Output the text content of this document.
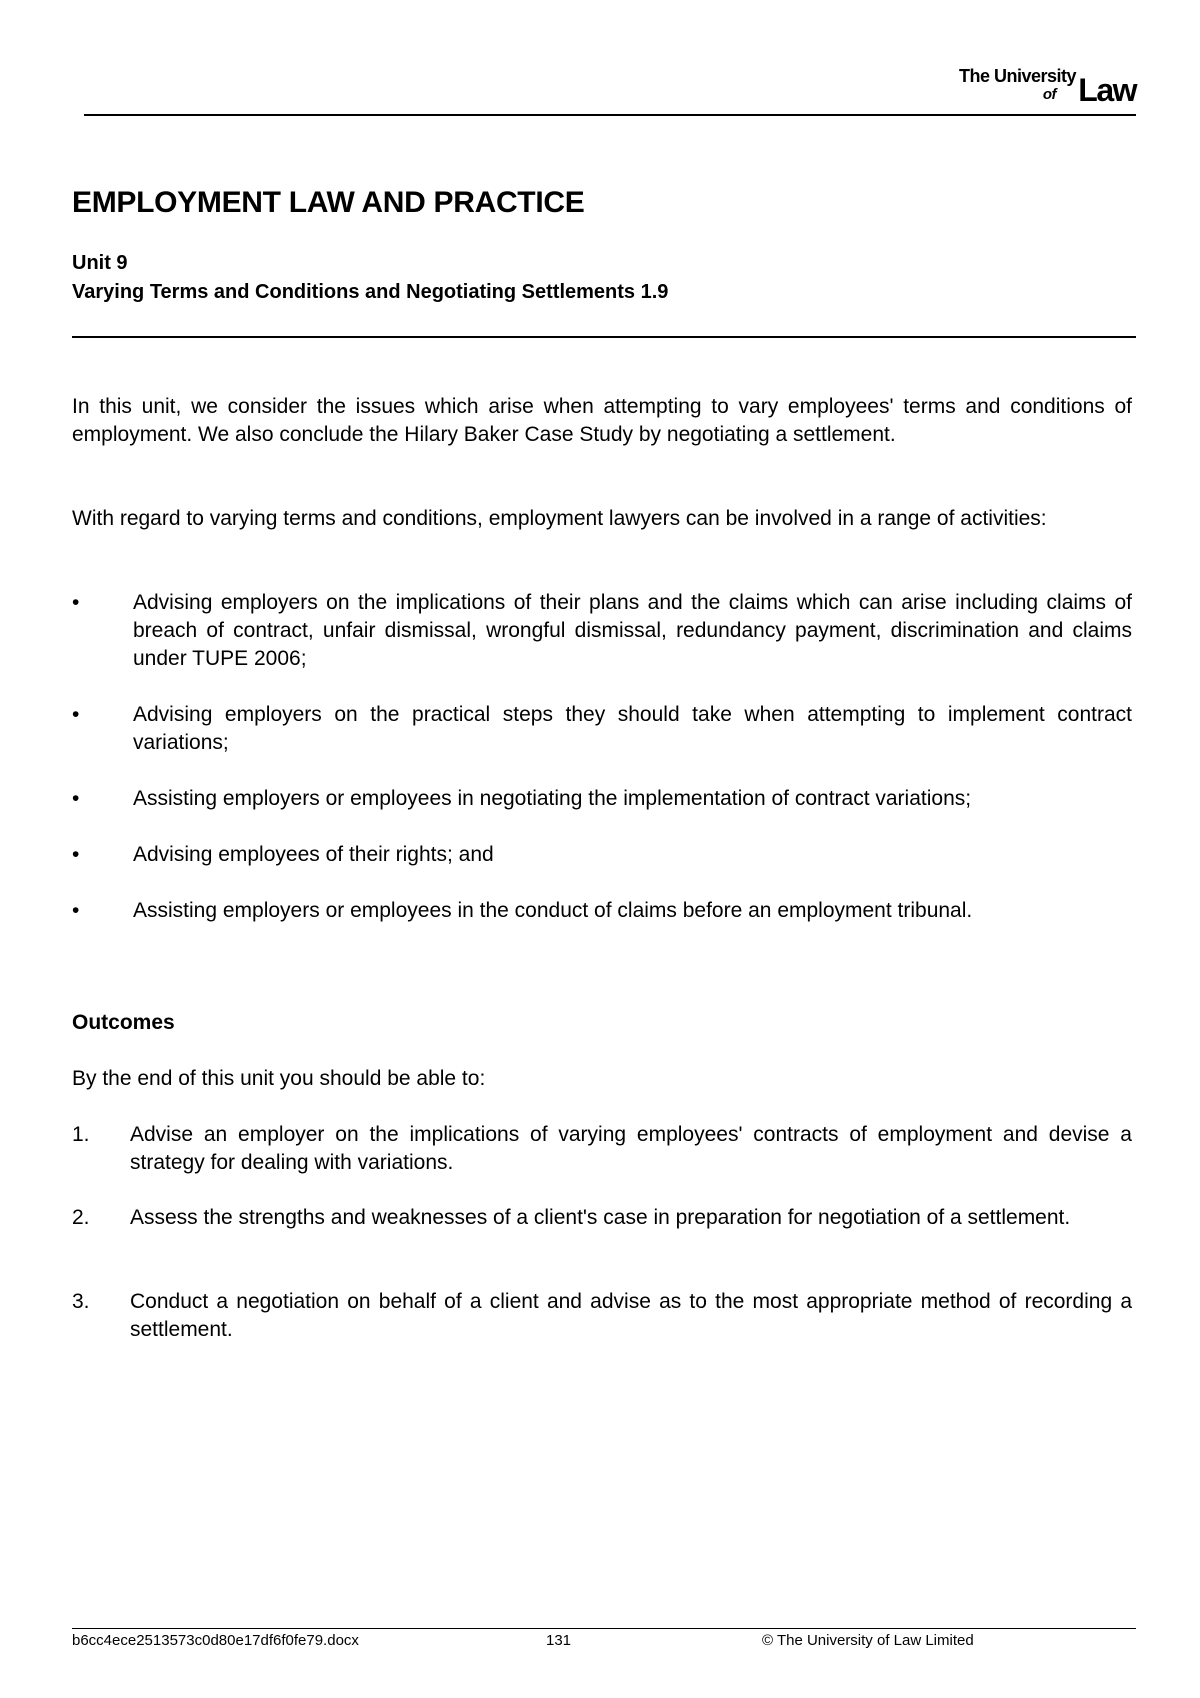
The University
of Law
EMPLOYMENT LAW AND PRACTICE
Unit 9
Varying Terms and Conditions and Negotiating Settlements 1.9

In this unit, we consider the issues which arise when attempting to vary employees' terms and conditions of employment. We also conclude the Hilary Baker Case Study by negotiating a settlement.

With regard to varying terms and conditions, employment lawyers can be involved in a range of activities:

•	Advising employers on the implications of their plans and the claims which can arise including claims of breach of contract, unfair dismissal, wrongful dismissal, redundancy payment, discrimination and claims under TUPE 2006;
•	Advising employers on the practical steps they should take when attempting to implement contract variations;
•	Assisting employers or employees in negotiating the implementation of contract variations;
•	Advising employees of their rights; and
•	Assisting employers or employees in the conduct of claims before an employment tribunal.
Outcomes

By the end of this unit you should be able to:

1. Advise an employer on the implications of varying employees' contracts of employment and devise a strategy for dealing with variations.
2. Assess the strengths and weaknesses of a client's case in preparation for negotiation of a settlement.
3. Conduct a negotiation on behalf of a client and advise as to the most appropriate method of recording a settlement.
b6cc4ece2513573c0d80e17df6f0fe79.docx	131	© The University of Law Limited
